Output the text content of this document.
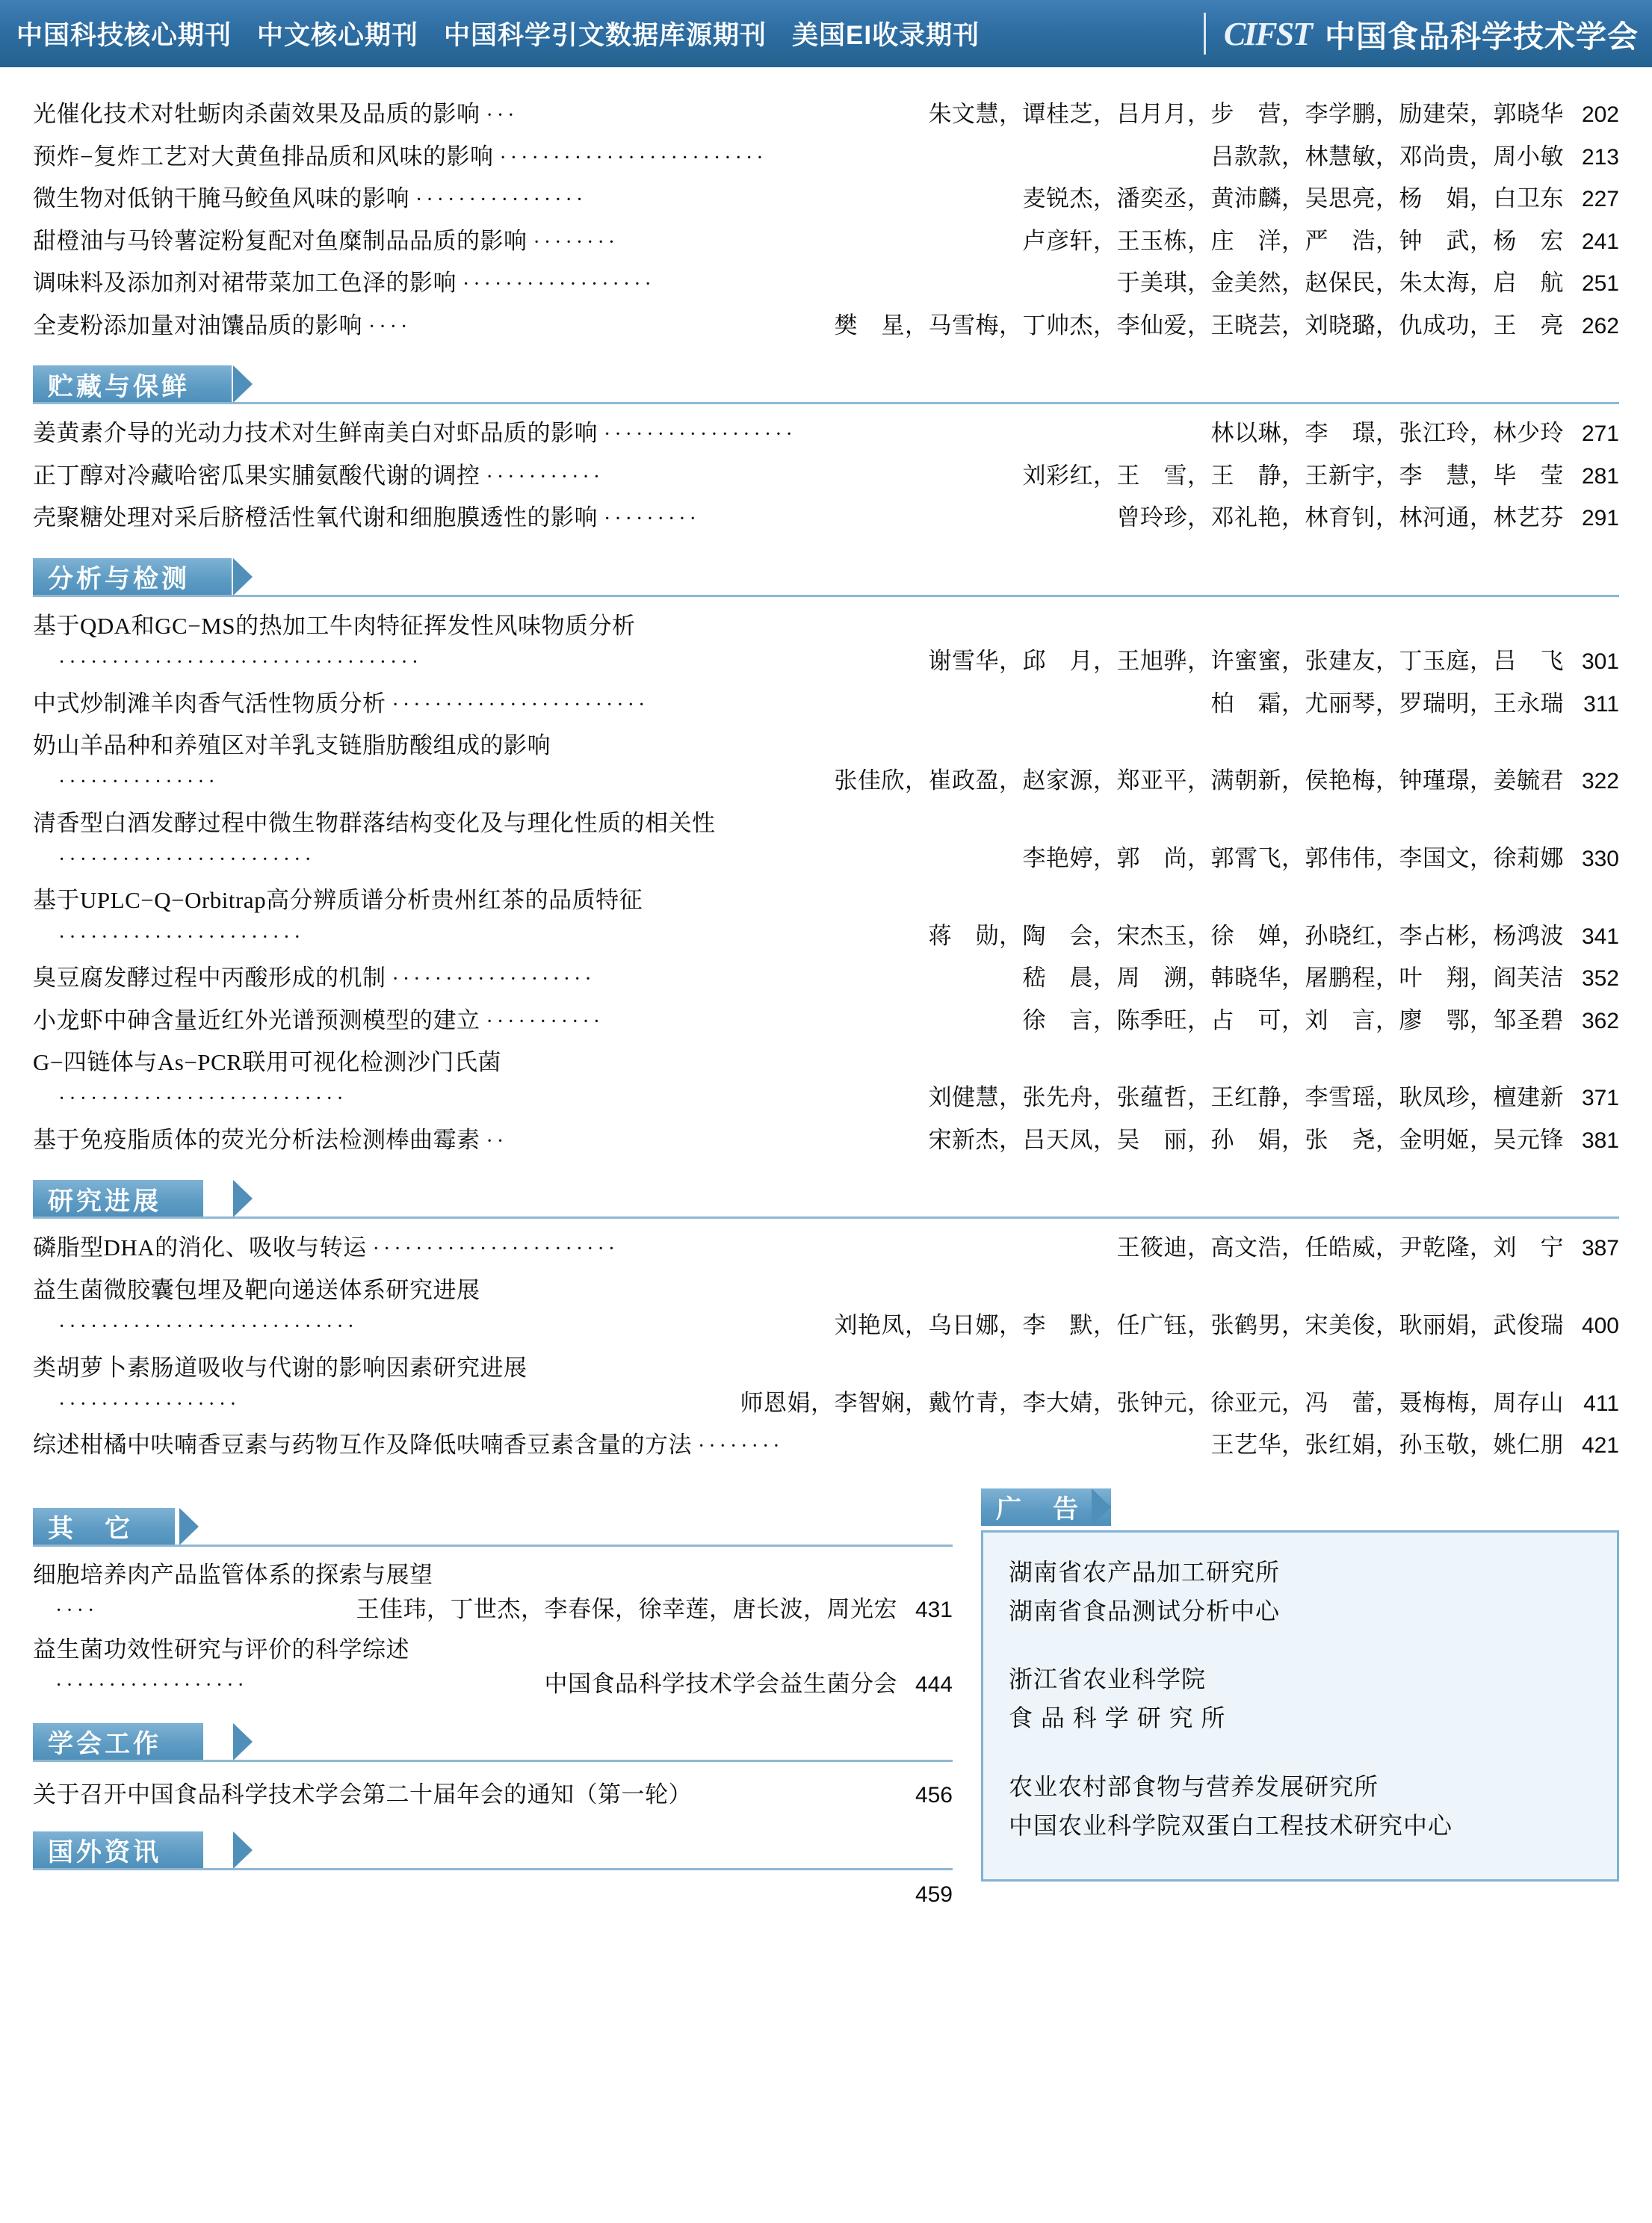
中国科技核心期刊 中文核心期刊 中国科学引文数据库源期刊 美国EI收录期刊	CIFST 中国食品科学技术学会
光催化技术对牡蛎肉杀菌效果及品质的影响 ···	朱文慧，谭桂芝，吕月月，步　营，李学鹏，励建荣，郭晓华 202
预炸−复炸工艺对大黄鱼排品质和风味的影响 ·························	吕款款，林慧敏，邓尚贵，周小敏 213
微生物对低钠干腌马鲛鱼风味的影响 ················	麦锐杰，潘奕丞，黄沛麟，吴思亮，杨　娟，白卫东 227
甜橙油与马铃薯淀粉复配对鱼糜制品品质的影响 ········	卢彦轩，王玉栋，庄　洋，严　浩，钟　武，杨　宏 241
调味料及添加剂对裙带菜加工色泽的影响 ··················	于美琪，金美然，赵保民，朱太海，启　航 251
全麦粉添加量对油馕品质的影响 ····	樊　星，马雪梅，丁帅杰，李仙爱，王晓芸，刘晓璐，仇成功，王　亮 262
贮藏与保鲜
姜黄素介导的光动力技术对生鲜南美白对虾品质的影响 ··················	林以琳，李　璟，张江玲，林少玲 271
正丁醇对冷藏哈密瓜果实脯氨酸代谢的调控 ···········	刘彩红，王　雪，王　静，王新宇，李　慧，毕　莹 281
壳聚糖处理对采后脐橙活性氧代谢和细胞膜透性的影响 ·········	曾玲珍，邓礼艳，林育钊，林河通，林艺芬 291
分析与检测
基于QDA和GC−MS的热加工牛肉特征挥发性风味物质分析
··································	谢雪华，邱　月，王旭骅，许蜜蜜，张建友，丁玉庭，吕　飞 301
中式炒制滩羊肉香气活性物质分析 ························	柏　霜，尤丽琴，罗瑞明，王永瑞 311
奶山羊品种和养殖区对羊乳支链脂肪酸组成的影响
···············	张佳欣，崔政盈，赵家源，郑亚平，满朝新，侯艳梅，钟瑾璟，姜毓君 322
清香型白酒发酵过程中微生物群落结构变化及与理化性质的相关性
························	李艳婷，郭　尚，郭霄飞，郭伟伟，李国文，徐莉娜 330
基于UPLC−Q−Orbitrap高分辨质谱分析贵州红茶的品质特征
·······················	蒋　勋，陶　会，宋杰玉，徐　婵，孙晓红，李占彬，杨鸿波 341
臭豆腐发酵过程中丙酸形成的机制 ···················	嵇　晨，周　溯，韩晓华，屠鹏程，叶　翔，阎芙洁 352
小龙虾中砷含量近红外光谱预测模型的建立 ···········	徐　言，陈季旺，占　可，刘　言，廖　鄂，邹圣碧 362
G−四链体与As−PCR联用可视化检测沙门氏菌
···························	刘健慧，张先舟，张蕴哲，王红静，李雪瑶，耿凤珍，檀建新 371
基于免疫脂质体的荧光分析法检测棒曲霉素 ··	宋新杰，吕天凤，吴　丽，孙　娟，张　尧，金明姬，吴元锋 381
研究进展
磷脂型DHA的消化、吸收与转运 ·······················	王筱迪，高文浩，任皓威，尹乾隆，刘　宁 387
益生菌微胶囊包埋及靶向递送体系研究进展
····························	刘艳凤，乌日娜，李　默，任广钰，张鹤男，宋美俊，耿丽娟，武俊瑞 400
类胡萝卜素肠道吸收与代谢的影响因素研究进展
·················	师恩娟，李智娴，戴竹青，李大婧，张钟元，徐亚元，冯　蕾，聂梅梅，周存山 411
综述柑橘中呋喃香豆素与药物互作及降低呋喃香豆素含量的方法 ········	王艺华，张红娟，孙玉敬，姚仁朋 421
其　它
细胞培养肉产品监管体系的探索与展望
····	王佳玮，丁世杰，李春保，徐幸莲，唐长波，周光宏 431
益生菌功效性研究与评价的科学综述
··················	中国食品科学技术学会益生菌分会 444
学会工作
关于召开中国食品科学技术学会第二十届年会的通知（第一轮）	456
国外资讯
459
广　告
湖南省农产品加工研究所
湖南省食品测试分析中心
浙江省农业科学院
食 品 科 学 研 究 所
农业农村部食物与营养发展研究所
中国农业科学院双蛋白工程技术研究中心
